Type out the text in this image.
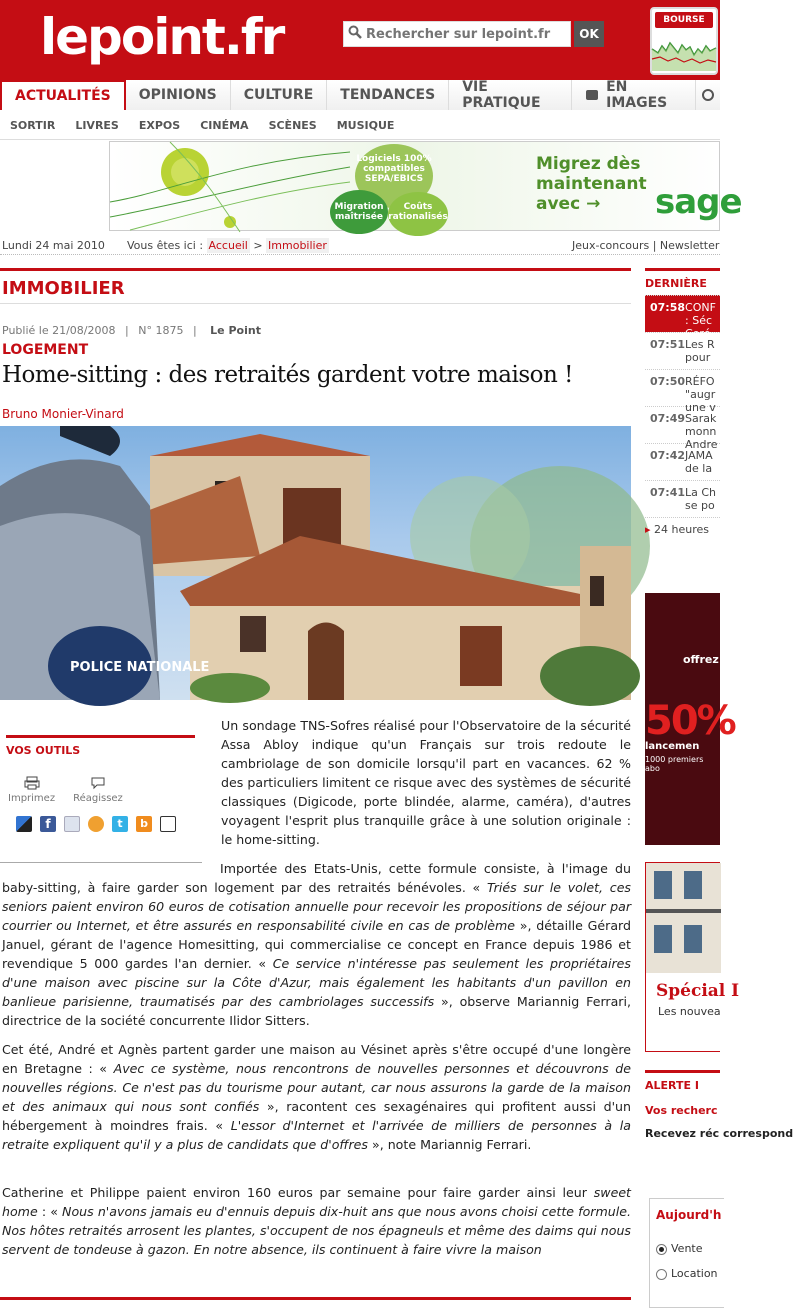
lepoint.fr
Rechercher sur lepoint.fr	OK
BOURSE
ACTUALITÉS	OPINIONS	CULTURE	TENDANCES	VIE PRATIQUE
EN IMAGES
SORTIR	LIVRES	EXPOS	CINÉMA	SCÈNES	MUSIQUE
Logiciels 100% compatibles SEPA/EBICS
Migration maîtrisée
Coûts rationalisés
Migrez dès
maintenant
avec →	sage
Lundi 24 mai 2010 Vous êtes ici : Accueil > Immobilier	Jeux-concours | Newsletter
IMMOBILIER
Publié le 21/08/2008 | N° 1875 | Le Point
LOGEMENT
Home-sitting : des retraités gardent votre maison !
Bruno Monier-Vinard
POLICE NATIONALE
VOS OUTILS
Imprimez Réagissez
f	t	b

Un sondage TNS-Sofres réalisé pour l'Observatoire de la sécurité Assa Abloy indique qu'un Français sur trois redoute le cambriolage de son domicile lorsqu'il part en vacances. 62 % des particuliers limitent ce risque avec des systèmes de sécurité classiques (Digicode, porte blindée, alarme, caméra), d'autres voyagent l'esprit plus tranquille grâce à une solution originale : le home-sitting.

Importée des Etats-Unis, cette formule consiste, à l'image du baby-sitting, à faire garder son logement par des retraités bénévoles. « Triés sur le volet, ces seniors paient environ 60 euros de cotisation annuelle pour recevoir les propositions de séjour par courrier ou Internet, et être assurés en responsabilité civile en cas de problème », détaille Gérard Januel, gérant de l'agence Homesitting, qui commercialise ce concept en France depuis 1986 et revendique 5 000 gardes l'an dernier. « Ce service n'intéresse pas seulement les propriétaires d'une maison avec piscine sur la Côte d'Azur, mais également les habitants d'un pavillon en banlieue parisienne, traumatisés par des cambriolages successifs », observe Mariannig Ferrari, directrice de la société concurrente Ilidor Sitters.

Cet été, André et Agnès partent garder une maison au Vésinet après s'être occupé d'une longère en Bretagne : « Avec ce système, nous rencontrons de nouvelles personnes et découvrons de nouvelles régions. Ce n'est pas du tourisme pour autant, car nous assurons la garde de la maison et des animaux qui nous sont confiés », racontent ces sexagénaires qui profitent aussi d'un hébergement à moindres frais. « L'essor d'Internet et l'arrivée de milliers de personnes à la retraite expliquent qu'il y a plus de candidats que d'offres », note Mariannig Ferrari.

Catherine et Philippe paient environ 160 euros par semaine pour faire garder ainsi leur sweet home : « Nous n'avons jamais eu d'ennuis depuis dix-huit ans que nous avons choisi cette formule. Nos hôtes retraités arrosent les plantes, s'occupent de nos épagneuls et même des daims qui nous servent de tondeuse à gazon. En notre absence, ils continuent à faire vivre la maison

DERNIÈRE
07:58 CONF : Séc Coré
07:51 Les R pour
07:50 RÉFO "augr une v
07:49 Sarak monn Andre
07:42 JAMA de la
07:41 La Ch se po
▸ 24 heures
offrez
50%
lancemen
1000 premiers abo
Spécial I
Les nouvea
ALERTE I
Vos recherc
Recevez réc correspond
Aujourd'h
Vente
Location
